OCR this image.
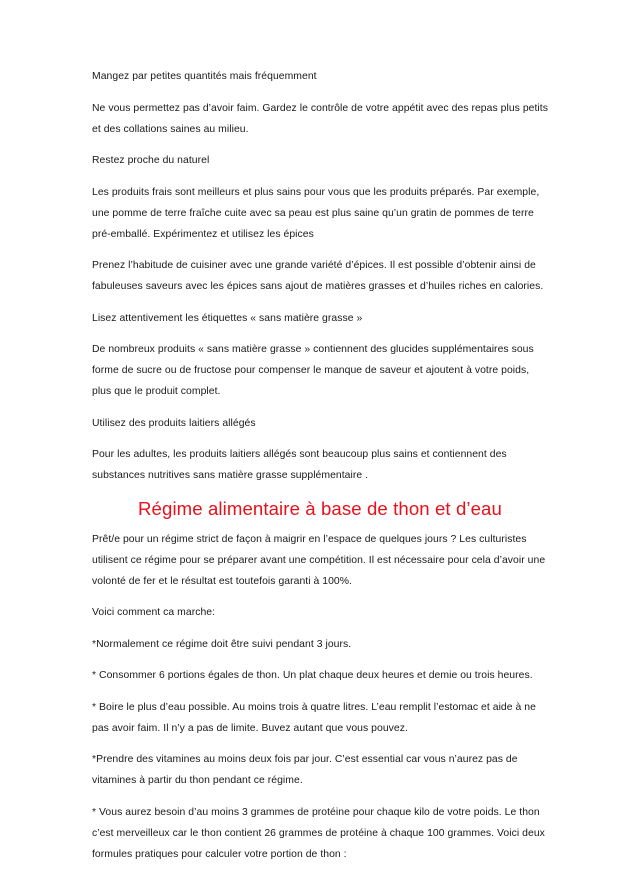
Mangez par petites quantités mais fréquemment

Ne vous permettez pas d’avoir faim. Gardez le contrôle de votre appétit avec des repas plus petits et des collations saines au milieu.

Restez proche du naturel

Les produits frais sont meilleurs et plus sains pour vous que les produits préparés. Par exemple, une pomme de terre fraîche cuite avec sa peau est plus saine qu’un gratin de pommes de terre pré-emballé. Expérimentez et utilisez les épices

Prenez l’habitude de cuisiner avec une grande variété d’épices. Il est possible d’obtenir ainsi de fabuleuses saveurs avec les épices sans ajout de matières grasses et d’huiles riches en calories.

Lisez attentivement les étiquettes « sans matière grasse »

De nombreux produits « sans matière grasse » contiennent des glucides supplémentaires sous forme de sucre ou de fructose pour compenser le manque de saveur et ajoutent à votre poids, plus que le produit complet.

Utilisez des produits laitiers allégés

Pour les adultes, les produits laitiers allégés sont beaucoup plus sains et contiennent des substances nutritives sans matière grasse supplémentaire .

Régime alimentaire à base de thon et d’eau

Prêt/e pour un régime strict de façon à maigrir en l’espace de quelques jours ? Les culturistes utilisent ce régime pour se préparer avant une compétition. Il est nécessaire pour cela d’avoir une volonté de fer et le résultat est toutefois garanti à 100%.

Voici comment ca marche:

*Normalement ce régime doit être suivi pendant 3 jours.

* Consommer 6 portions égales de thon. Un plat chaque deux heures et demie ou trois heures.

* Boire le plus d’eau possible. Au moins trois à quatre litres. L’eau remplit l’estomac et aide à ne pas avoir faim. Il n’y a pas de limite. Buvez autant que vous pouvez.

*Prendre des vitamines au moins deux fois par jour. C’est essential car vous n’aurez pas de vitamines à partir du thon pendant ce régime.

* Vous aurez besoin d’au moins 3 grammes de protéine pour chaque kilo de votre poids. Le thon c’est merveilleux car le thon contient 26 grammes de protéine à chaque 100 grammes. Voici deux formules pratiques pour calculer votre portion de thon :
